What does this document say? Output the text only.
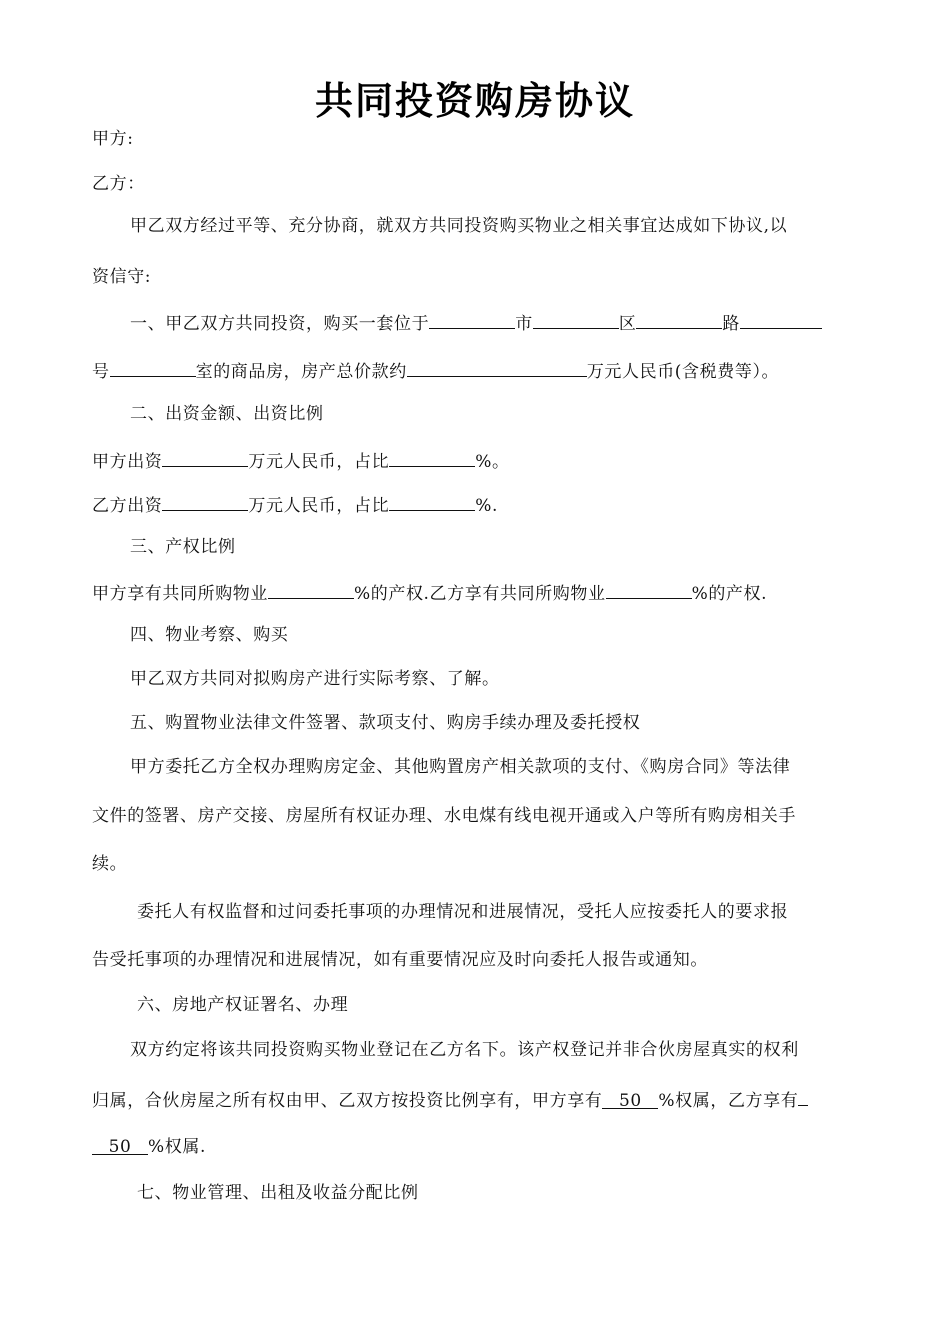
共同投资购房协议
甲方:
乙方：
甲乙双方经过平等、充分协商，就双方共同投资购买物业之相关事宜达成如下协议,以
资信守:
一、甲乙双方共同投资，购买一套位于	市	区	路
号	室的商品房，房产总价款约	万元人民币(含税费等）。
二、出资金额、出资比例
甲方出资	万元人民币，占比	%。
乙方出资	万元人民币，占比	%.
三、产权比例
甲方享有共同所购物业	%的产权.乙方享有共同所购物业	%的产权.
四、物业考察、购买
甲乙双方共同对拟购房产进行实际考察、了解。
五、购置物业法律文件签署、款项支付、购房手续办理及委托授权
甲方委托乙方全权办理购房定金、其他购置房产相关款项的支付、《购房合同》等法律
文件的签署、房产交接、房屋所有权证办理、水电煤有线电视开通或入户等所有购房相关手
续。
委托人有权监督和过问委托事项的办理情况和进展情况，受托人应按委托人的要求报
告受托事项的办理情况和进展情况，如有重要情况应及时向委托人报告或通知。
六、房地产权证署名、办理
双方约定将该共同投资购买物业登记在乙方名下。该产权登记并非合伙房屋真实的权利
归属，合伙房屋之所有权由甲、乙双方按投资比例享有，甲方享有 50 %权属，乙方享有
50 %权属.
七、物业管理、出租及收益分配比例
